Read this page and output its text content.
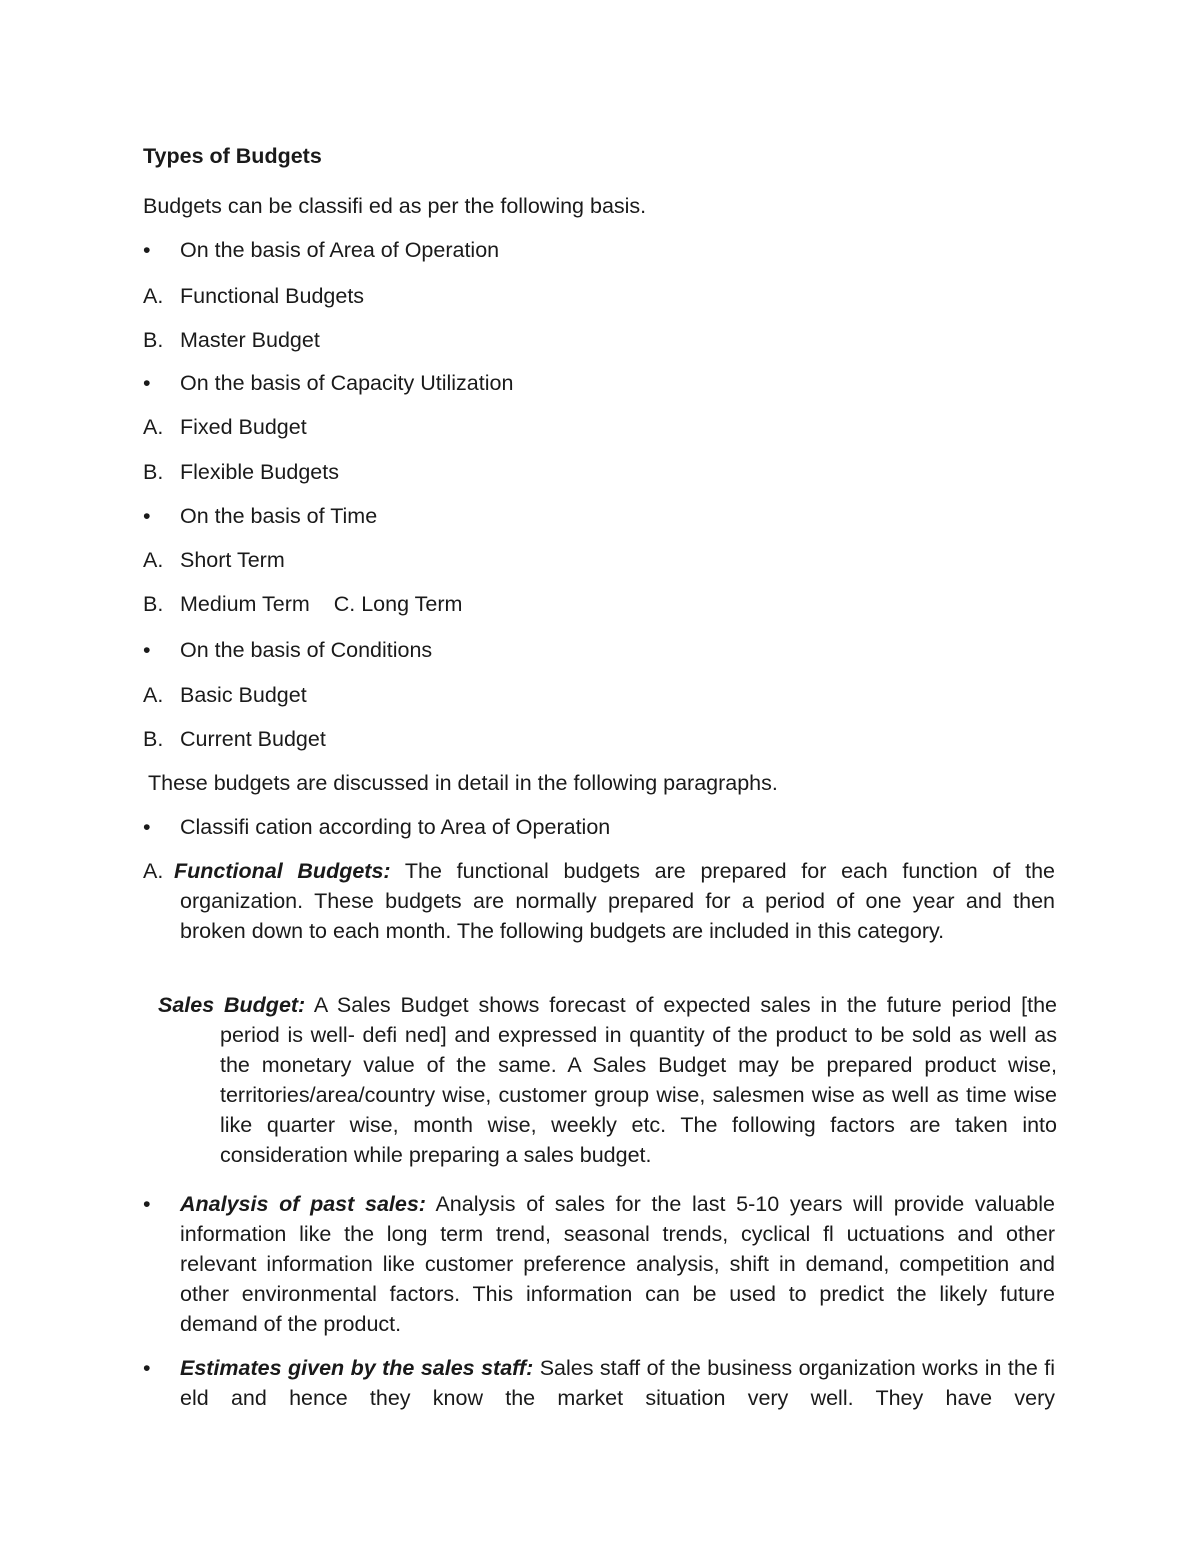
Types of Budgets
Budgets can be classifi ed as per the following basis.
• On the basis of Area of Operation
A. Functional Budgets
B. Master Budget
• On the basis of Capacity Utilization
A. Fixed Budget
B. Flexible Budgets
• On the basis of Time
A. Short Term
B. Medium Term    C. Long Term
• On the basis of Conditions
A. Basic Budget
B. Current Budget
These budgets are discussed in detail in the following paragraphs.
• Classifi cation according to Area of Operation
A. Functional Budgets: The functional budgets are prepared for each function of the organization. These budgets are normally prepared for a period of one year and then broken down to each month. The following budgets are included in this category.
Sales Budget: A Sales Budget shows forecast of expected sales in the future period [the period is well- defi ned] and expressed in quantity of the product to be sold as well as the monetary value of the same. A Sales Budget may be prepared product wise, territories/area/country wise, customer group wise, salesmen wise as well as time wise like quarter wise, month wise, weekly etc. The following factors are taken into consideration while preparing a sales budget.
• Analysis of past sales: Analysis of sales for the last 5-10 years will provide valuable information like the long term trend, seasonal trends, cyclical fl uctuations and other relevant information like customer preference analysis, shift in demand, competition and other environmental factors. This information can be used to predict the likely future demand of the product.
• Estimates given by the sales staff: Sales staff of the business organization works in the fi eld and hence they know the market situation very well. They have very
